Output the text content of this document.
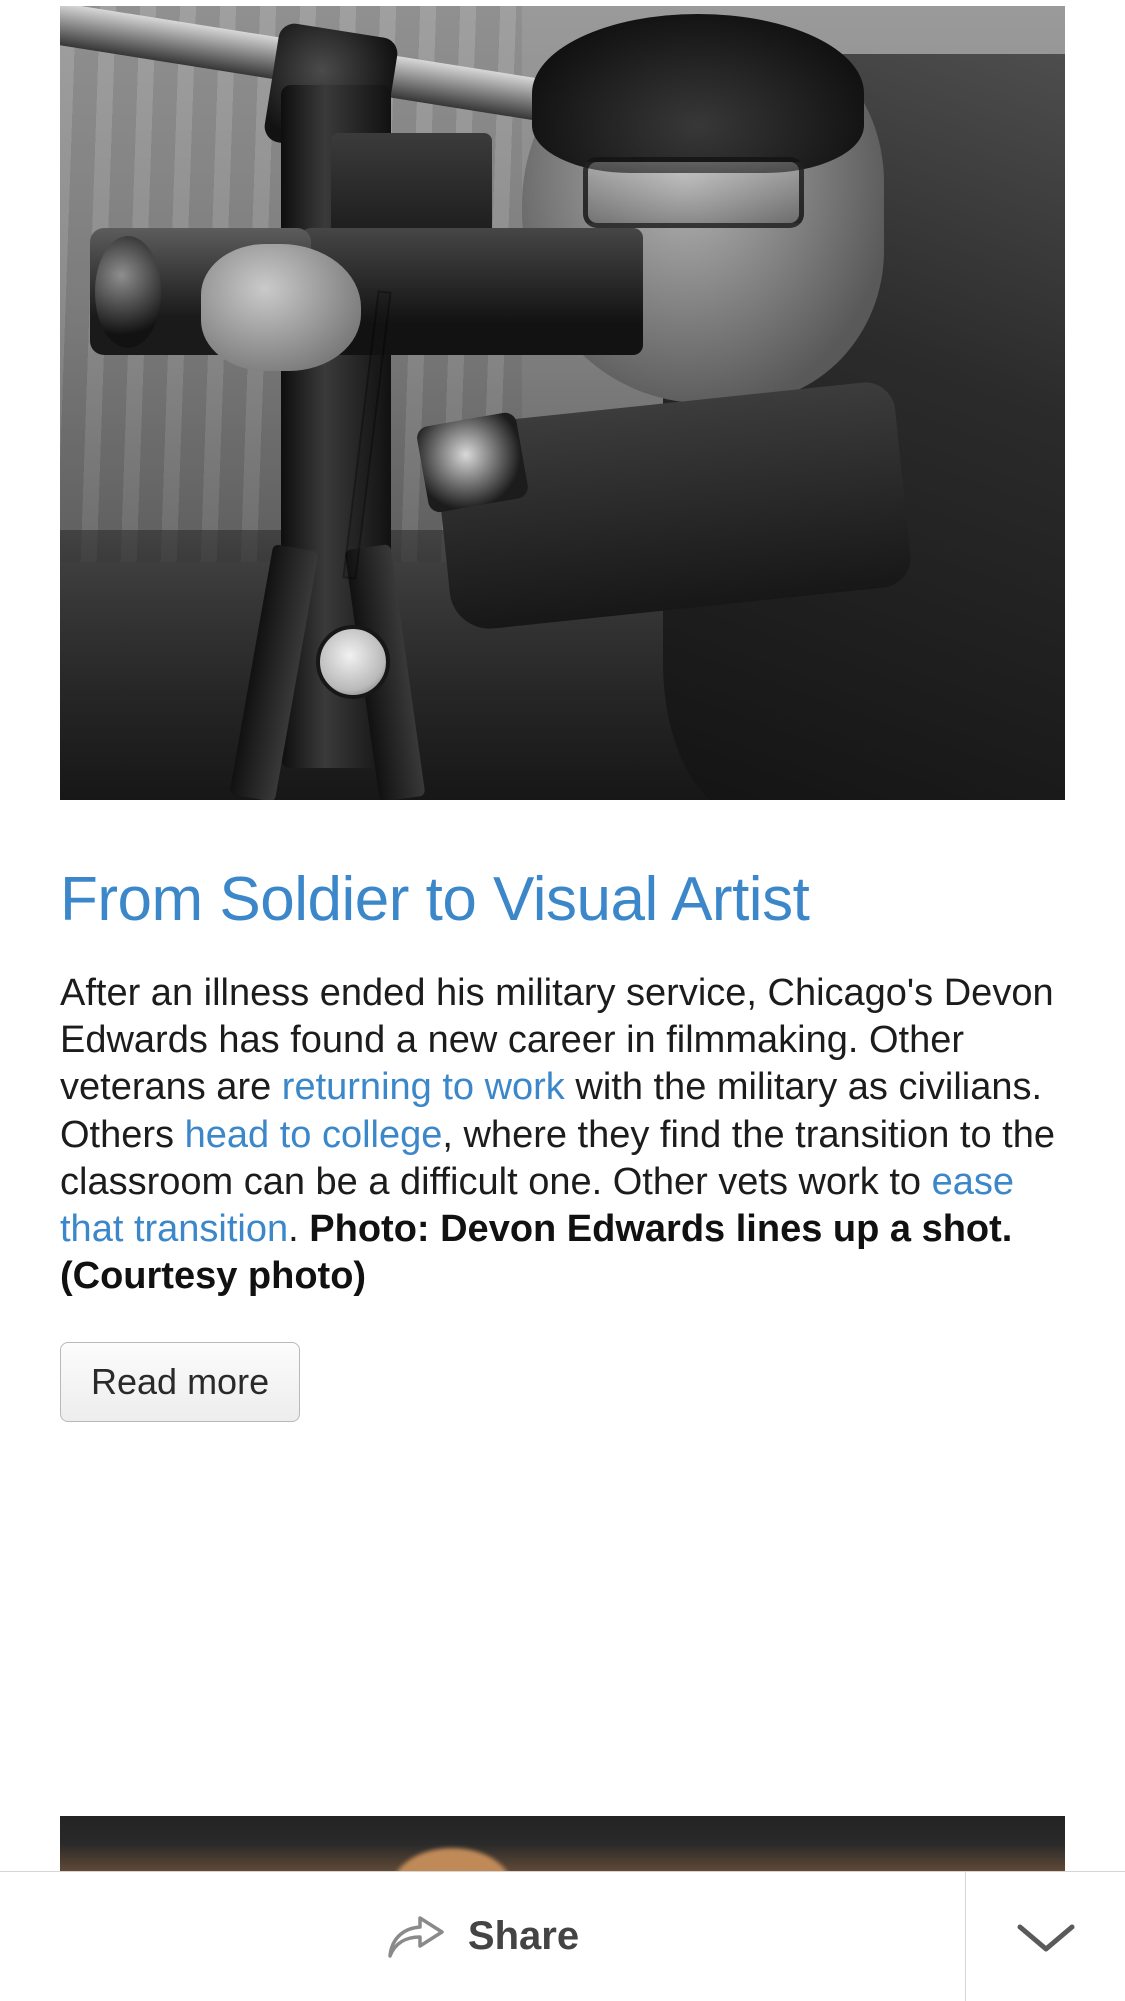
From Soldier to Visual Artist

After an illness ended his military service, Chicago's Devon Edwards has found a new career in filmmaking. Other veterans are returning to work with the military as civilians. Others head to college, where they find the transition to the classroom can be a difficult one. Other vets work to ease that transition. Photo: Devon Edwards lines up a shot. (Courtesy photo)

Read more
Share
